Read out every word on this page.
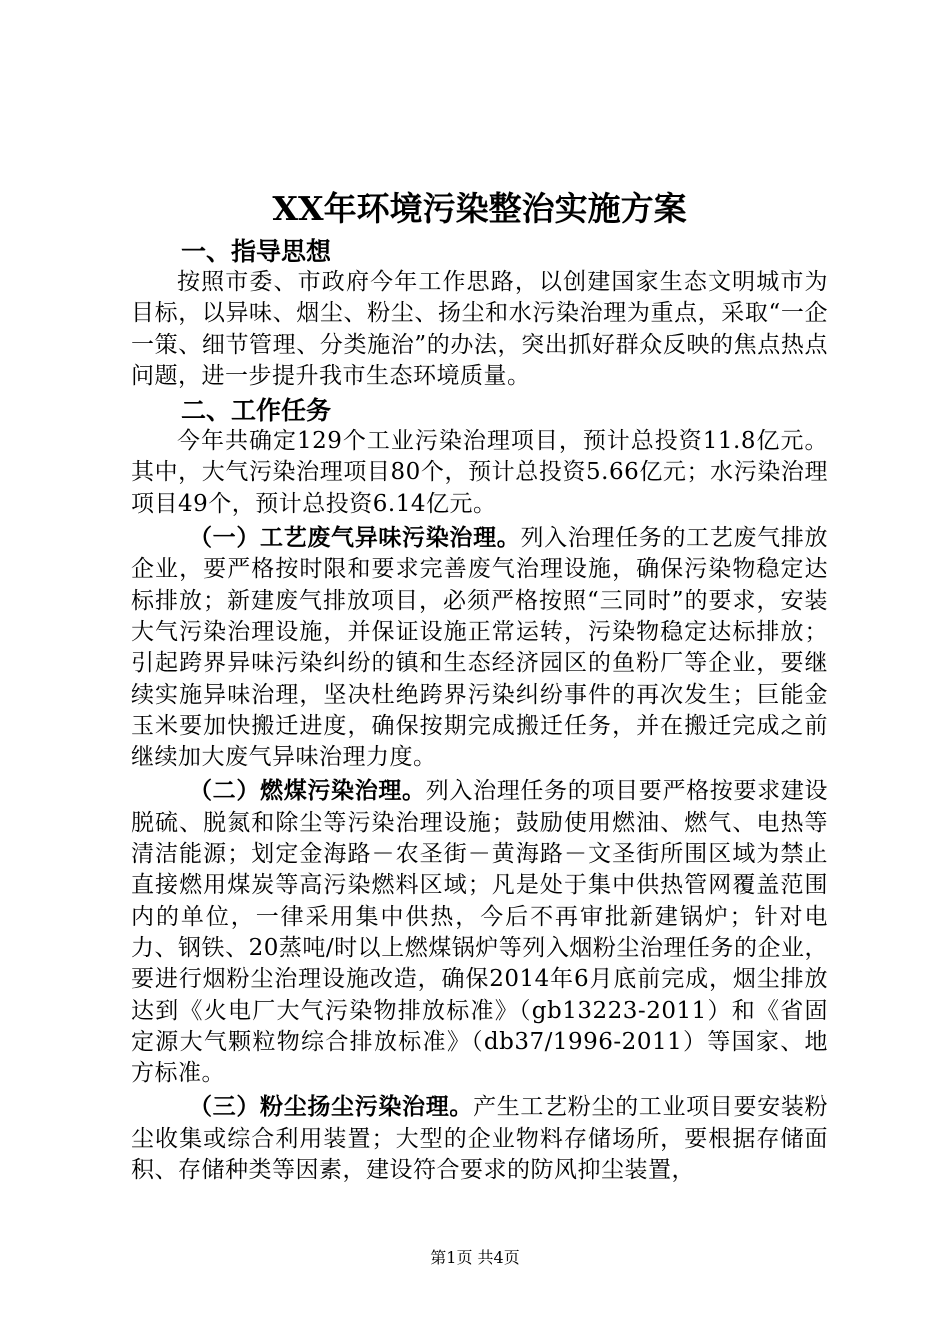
XX年环境污染整治实施方案
一、指导思想

按照市委、市政府今年工作思路，以创建国家生态文明城市为目标，以异味、烟尘、粉尘、扬尘和水污染治理为重点，采取“一企一策、细节管理、分类施治”的办法，突出抓好群众反映的焦点热点问题，进一步提升我市生态环境质量。

二、工作任务

今年共确定129个工业污染治理项目，预计总投资11.8亿元。其中，大气污染治理项目80个，预计总投资5.66亿元；水污染治理项目49个，预计总投资6.14亿元。

（一）工艺废气异味污染治理。列入治理任务的工艺废气排放企业，要严格按时限和要求完善废气治理设施，确保污染物稳定达标排放；新建废气排放项目，必须严格按照“三同时”的要求，安装大气污染治理设施，并保证设施正常运转，污染物稳定达标排放；引起跨界异味污染纠纷的镇和生态经济园区的鱼粉厂等企业，要继续实施异味治理，坚决杜绝跨界污染纠纷事件的再次发生；巨能金玉米要加快搬迁进度，确保按期完成搬迁任务，并在搬迁完成之前继续加大废气异味治理力度。

（二）燃煤污染治理。列入治理任务的项目要严格按要求建设脱硫、脱氮和除尘等污染治理设施；鼓励使用燃油、燃气、电热等清洁能源；划定金海路－农圣街－黄海路－文圣街所围区域为禁止直接燃用煤炭等高污染燃料区域；凡是处于集中供热管网覆盖范围内的单位，一律采用集中供热，今后不再审批新建锅炉；针对电力、钢铁、20蒸吨/时以上燃煤锅炉等列入烟粉尘治理任务的企业，要进行烟粉尘治理设施改造，确保2014年6月底前完成，烟尘排放达到《火电厂大气污染物排放标准》（gb13223-2011）和《省固定源大气颗粒物综合排放标准》（db37/1996-2011）等国家、地方标准。

（三）粉尘扬尘污染治理。产生工艺粉尘的工业项目要安装粉尘收集或综合利用装置；大型的企业物料存储场所，要根据存储面积、存储种类等因素，建设符合要求的防风抑尘装置，

第1页 共4页
